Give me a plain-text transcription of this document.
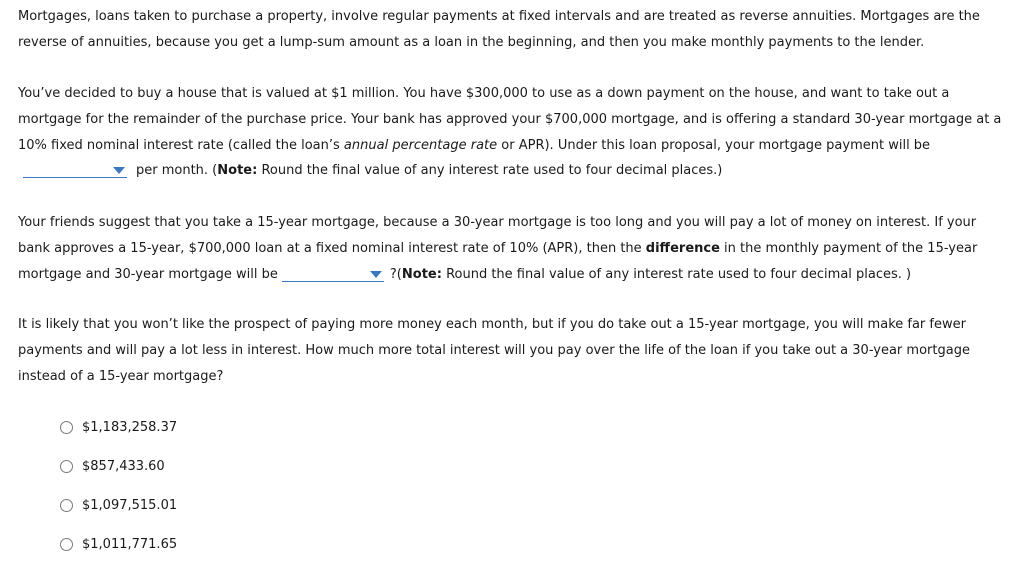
Mortgages, loans taken to purchase a property, involve regular payments at fixed intervals and are treated as reverse annuities. Mortgages are the reverse of annuities, because you get a lump-sum amount as a loan in the beginning, and then you make monthly payments to the lender.

You’ve decided to buy a house that is valued at $1 million. You have $300,000 to use as a down payment on the house, and want to take out a mortgage for the remainder of the purchase price. Your bank has approved your $700,000 mortgage, and is offering a standard 30-year mortgage at a 10% fixed nominal interest rate (called the loan’s annual percentage rate or APR). Under this loan proposal, your mortgage payment will be

per month. (Note: Round the final value of any interest rate used to four decimal places.)

Your friends suggest that you take a 15-year mortgage, because a 30-year mortgage is too long and you will pay a lot of money on interest. If your bank approves a 15-year, $700,000 loan at a fixed nominal interest rate of 10% (APR), then the difference in the monthly payment of the 15-year mortgage and 30-year mortgage will be	?(Note: Round the final value of any interest rate used to four decimal places. )

It is likely that you won’t like the prospect of paying more money each month, but if you do take out a 15-year mortgage, you will make far fewer payments and will pay a lot less in interest. How much more total interest will you pay over the life of the loan if you take out a 30-year mortgage instead of a 15-year mortgage?

$1,183,258.37
$857,433.60
$1,097,515.01
$1,011,771.65
